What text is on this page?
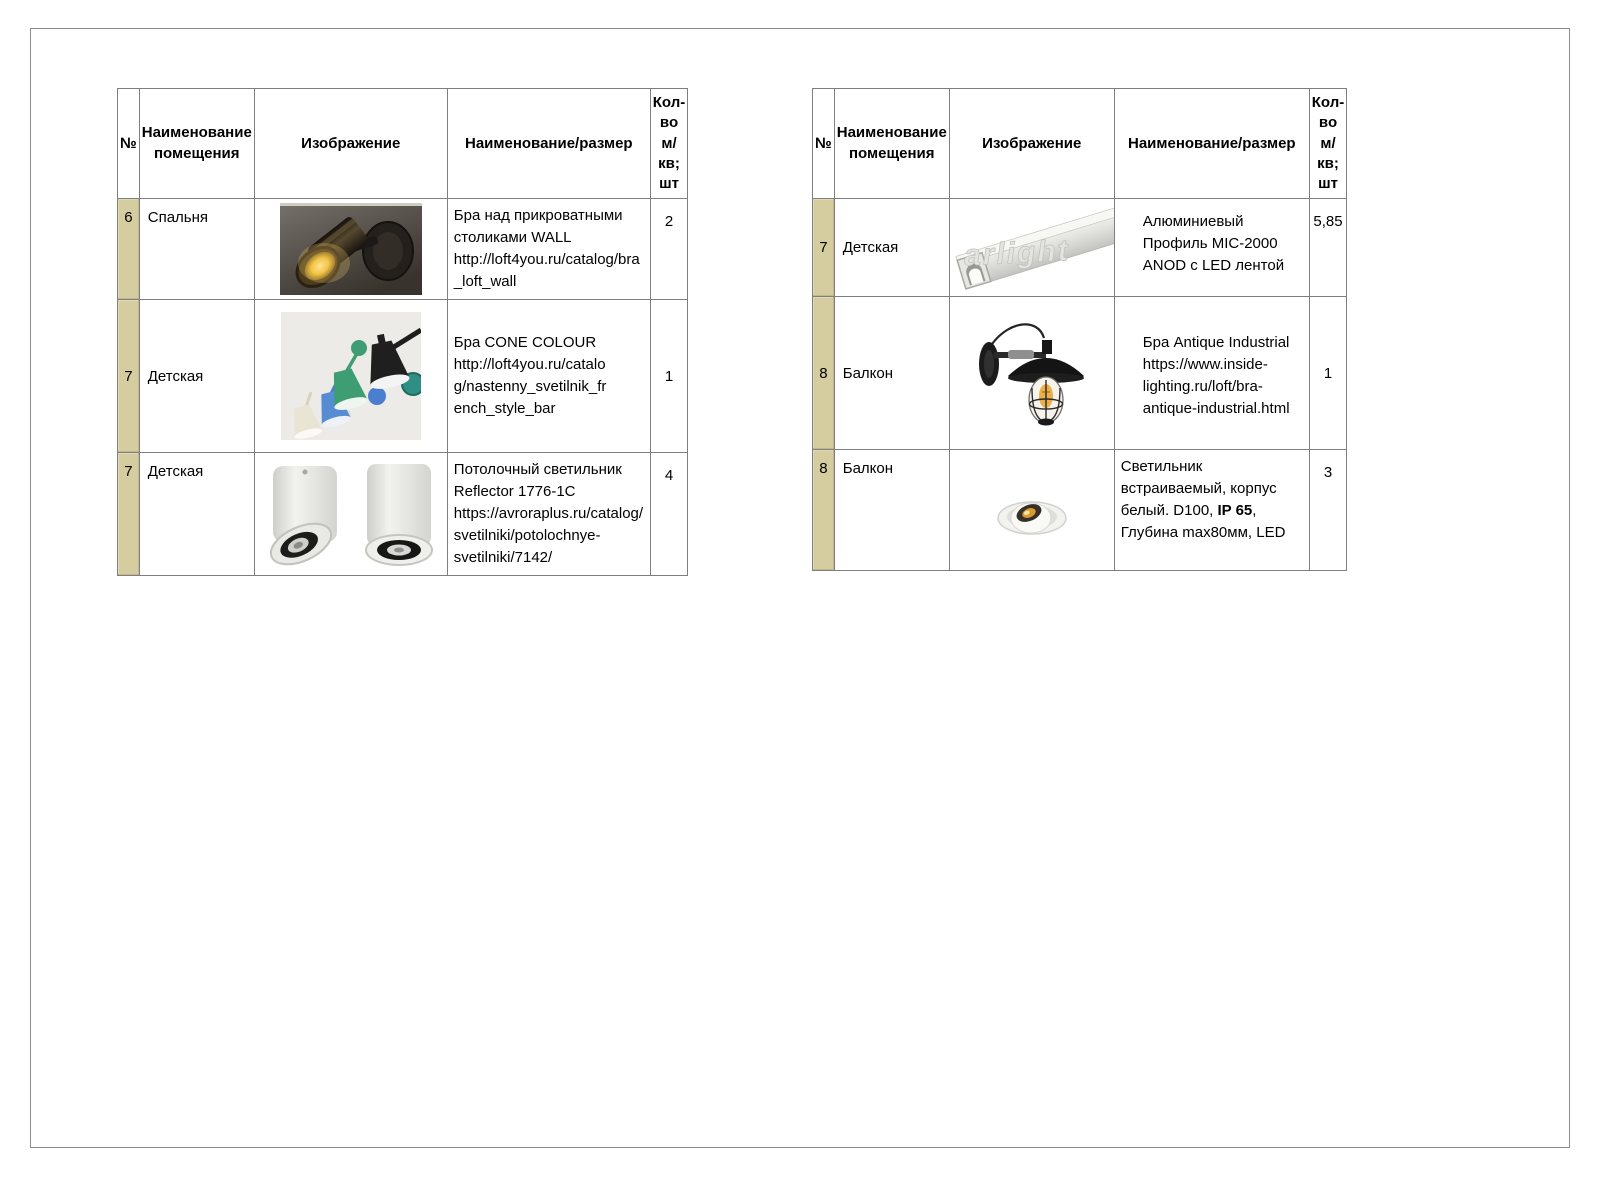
№	Наименование помещения	Изображение	Наименование/размер	Кол-во м/кв; шт
6	Спальня		Бра над прикроватными столиками WALL http://loft4you.ru/catalog/bra_loft_wall	2
7	Детская		Бра CONE COLOUR http://loft4you.ru/catalog/nastenny_svetilnik_french_style_bar	1
7	Детская		Потолочный светильник Reflector 1776-1C https://avroraplus.ru/catalog/svetilniki/potolochnye-svetilniki/7142/	4
№	Наименование помещения	Изображение	Наименование/размер	Кол-во м/кв; шт
7	Детская	arlight	Алюминиевый Профиль MIC-2000 ANOD с LED лентой	5,85
8	Балкон		Бра Antique Industrial https://www.inside-lighting.ru/loft/bra-antique-industrial.html	1
8	Балкон		Светильник встраиваемый, корпус белый. D100, IP 65, Глубина max80мм, LED	3
